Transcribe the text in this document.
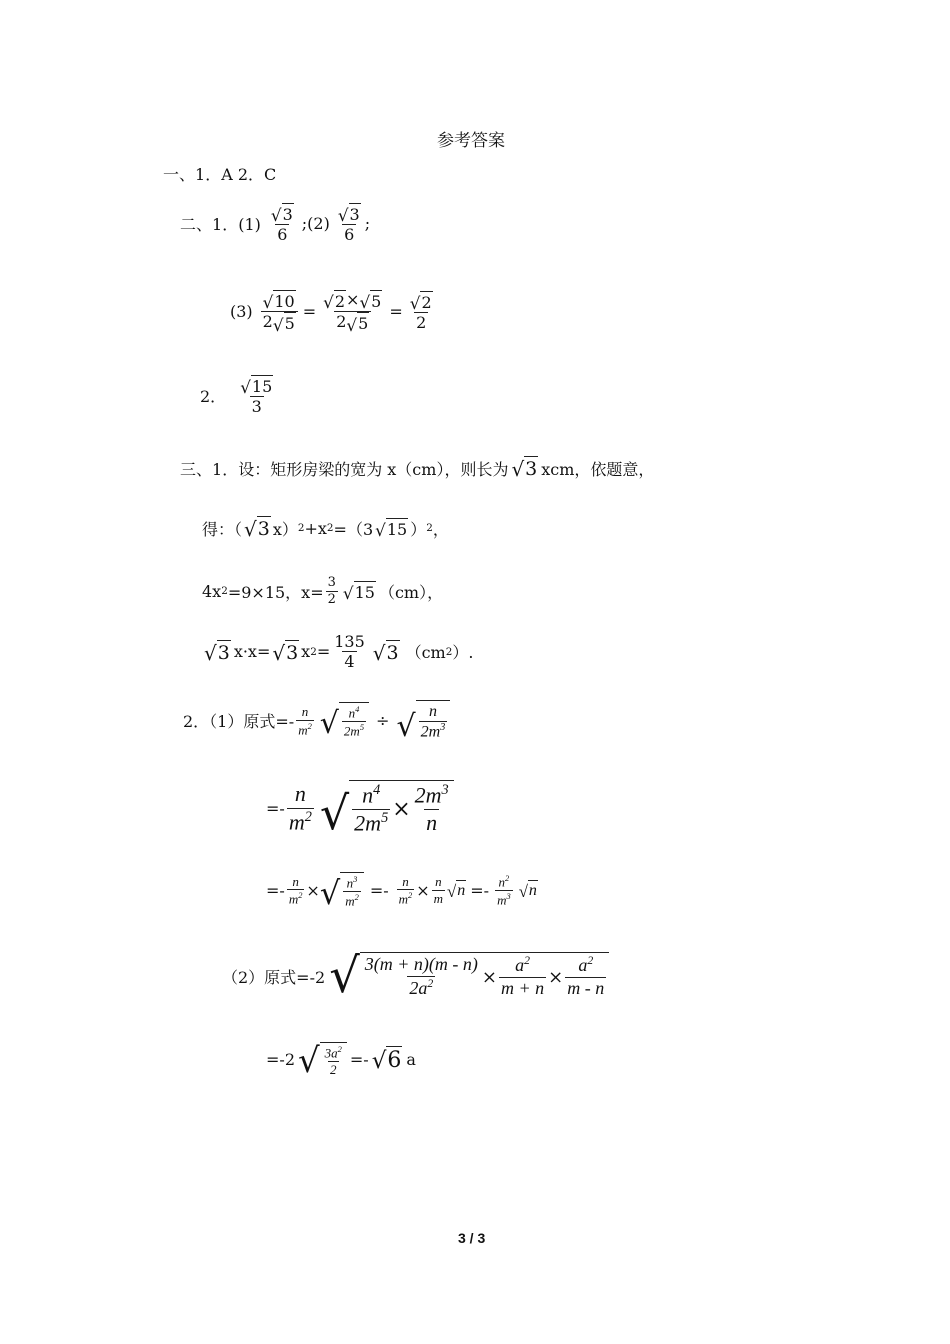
参考答案
一、1．A 2．C
二、 1．$(1) \frac{√ 3}{6}$ ;(2) $\frac{√ 3}{6}$ ;
$(3) \frac{√ 10}{2 √ 5} = \frac{√ 2 \times √ 5}{2 √ 5} = \frac{√ 2}{2}$
2． $\frac{√ 15}{3}$
三、 1．设：矩形房梁的宽为 x（cm），则长为 √ 3 xcm，依题意，
得：（ √ 3 x） 2 +x 2 =（3 √ 15 ） 2 ，
4x 2 =9×15，$x= \frac{3}{2}$ √ 15 （cm），
√ 3 x·x= √ 3 x $2 = \frac{135}{4}$ √ 3 （cm 2 ）.
2．（1）原式=- $\frac{n}{m^2}$ √ $\frac{n^4}{2m^5}$ ÷ √ $\frac{n}{2m^3}$
=- $\frac{n}{m^2}$ √ $\frac{n^4}{2m^5} \times \frac{2m^3}{n}$
=- $\frac{n}{m^2}$ × √ $\frac{n^3}{m^2} =- \frac{n}{m^2} \times \frac{n}{m}$ √ $n =- \frac{n^2}{m^3}$ √ n
（2）原式=-2 √ $\frac{3(m + n)(m - n)}{2a^2} \times \frac{a^2}{m + n} \times \frac{a^2}{m - n}$
=-2 √ $\frac{3a^2}{2}$ =- √ 6 a
3 / 3
